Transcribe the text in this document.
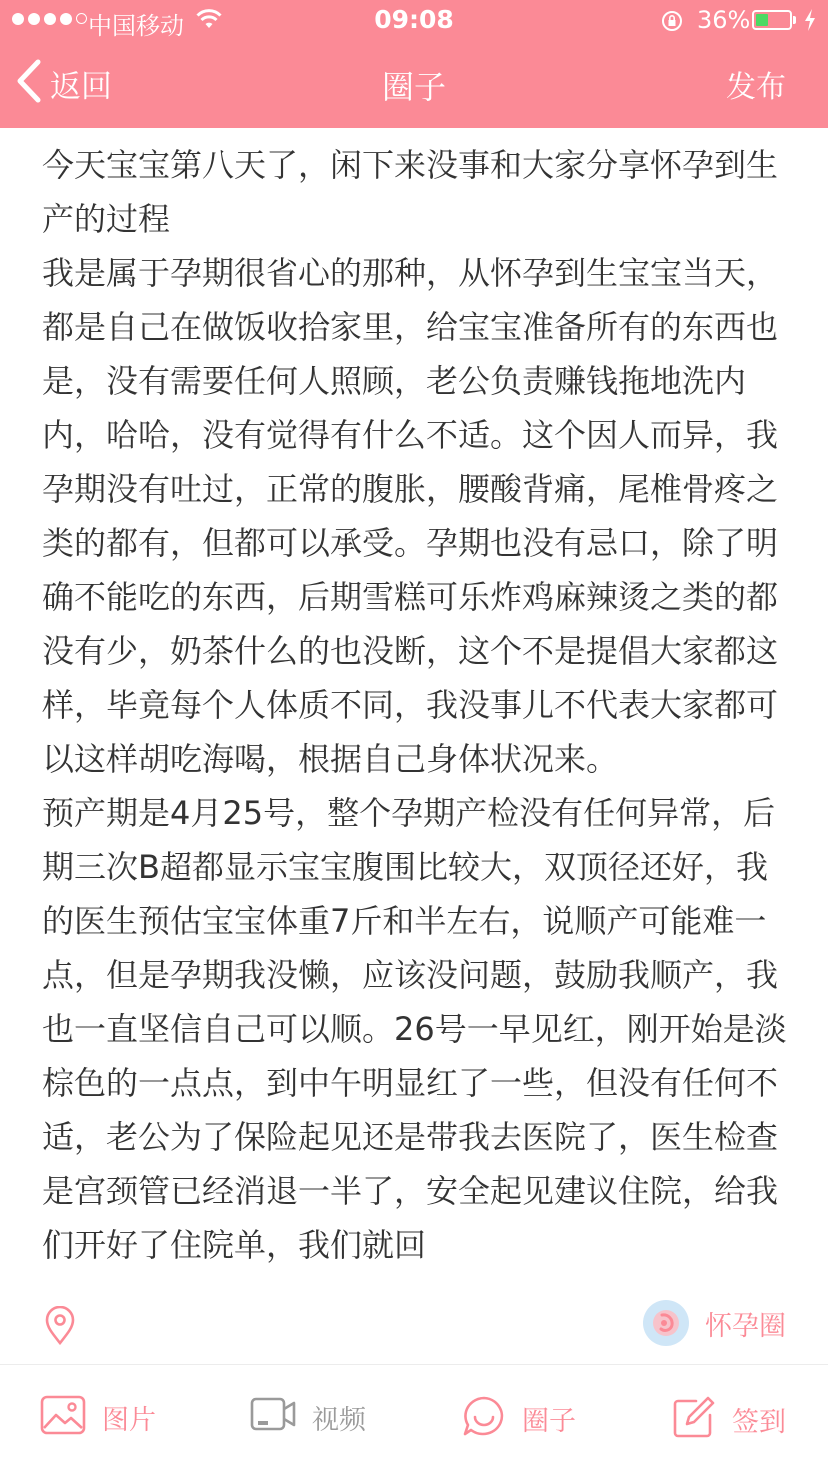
中国移动	09:08	36%
返回	圈子	发布

今天宝宝第八天了，闲下来没事和大家分享怀孕到生产的过程

我是属于孕期很省心的那种，从怀孕到生宝宝当天，都是自己在做饭收拾家里，给宝宝准备所有的东西也是，没有需要任何人照顾，老公负责赚钱拖地洗内内，哈哈，没有觉得有什么不适。这个因人而异，我孕期没有吐过，正常的腹胀，腰酸背痛，尾椎骨疼之类的都有，但都可以承受。孕期也没有忌口，除了明确不能吃的东西，后期雪糕可乐炸鸡麻辣烫之类的都没有少，奶茶什么的也没断，这个不是提倡大家都这样，毕竟每个人体质不同，我没事儿不代表大家都可以这样胡吃海喝，根据自己身体状况来。

预产期是4月25号，整个孕期产检没有任何异常，后期三次B超都显示宝宝腹围比较大，双顶径还好，我的医生预估宝宝体重7斤和半左右，说顺产可能难一点，但是孕期我没懒，应该没问题，鼓励我顺产，我也一直坚信自己可以顺。26号一早见红，刚开始是淡棕色的一点点，到中午明显红了一些，但没有任何不适，老公为了保险起见还是带我去医院了，医生检查是宫颈管已经消退一半了，安全起见建议住院，给我们开好了住院单，我们就回

怀孕圈
图片	视频	圈子	签到
